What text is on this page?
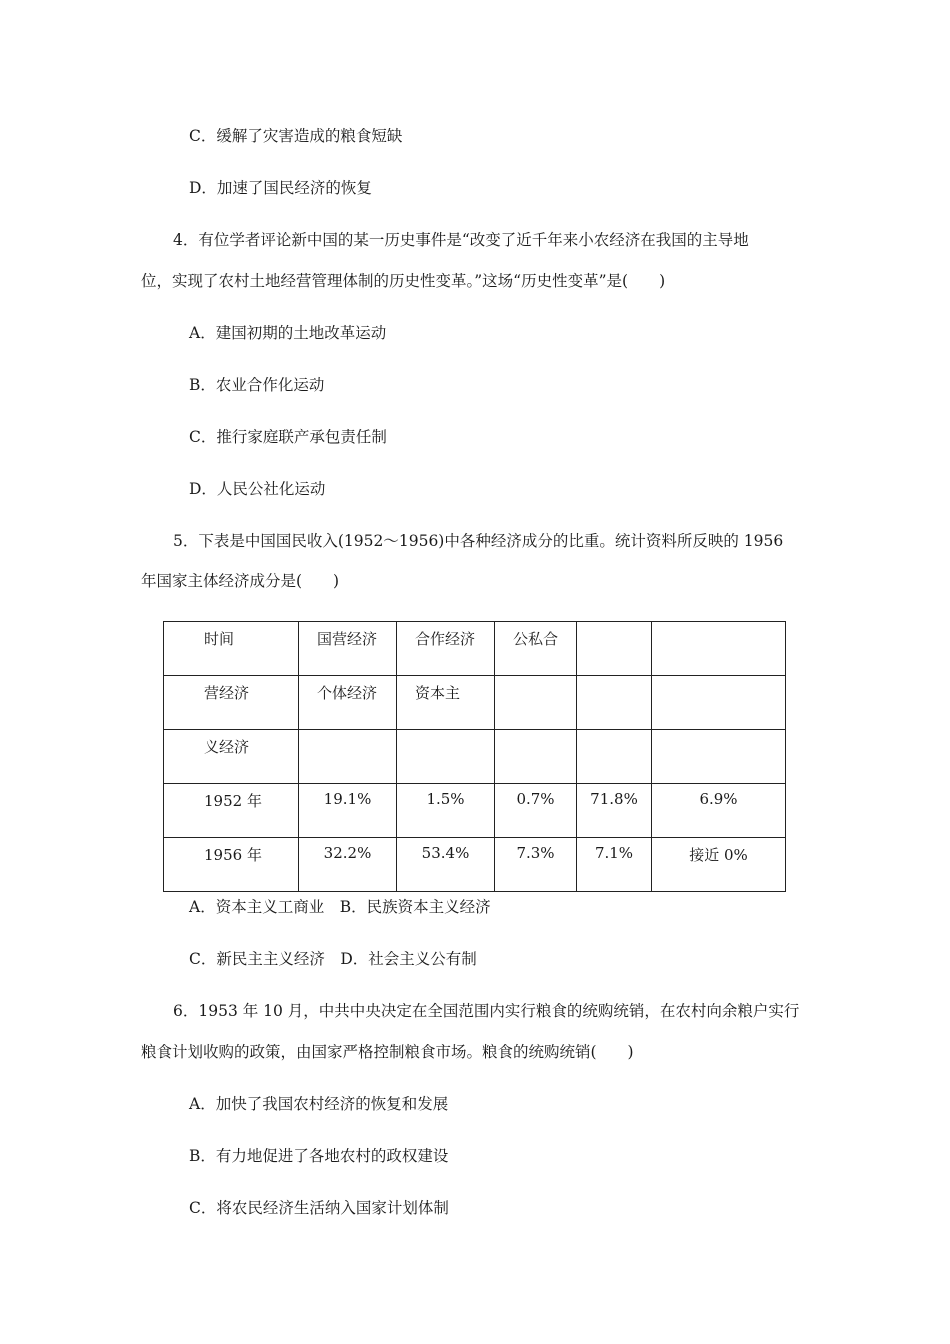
C．缓解了灾害造成的粮食短缺
D．加速了国民经济的恢复
4．有位学者评论新中国的某一历史事件是“改变了近千年来小农经济在我国的主导地
位，实现了农村土地经营管理体制的历史性变革。”这场“历史性变革”是(　　)
A．建国初期的土地改革运动
B．农业合作化运动
C．推行家庭联产承包责任制
D．人民公社化运动
5．下表是中国国民收入(1952～1956)中各种经济成分的比重。统计资料所反映的 1956
年国家主体经济成分是(　　)
时间	国营经济	合作经济	公私合		

营经济	个体经济	资本主			

义经济					

1952 年	19.1%	1.5%	0.7%	71.8%	6.9%

1956 年	32.2%	53.4%	7.3%	7.1%	接近 0%
A．资本主义工商业　B．民族资本主义经济
C．新民主主义经济　D．社会主义公有制
6．1953 年 10 月，中共中央决定在全国范围内实行粮食的统购统销，在农村向余粮户实行
粮食计划收购的政策，由国家严格控制粮食市场。粮食的统购统销(　　)
A．加快了我国农村经济的恢复和发展
B．有力地促进了各地农村的政权建设
C．将农民经济生活纳入国家计划体制
